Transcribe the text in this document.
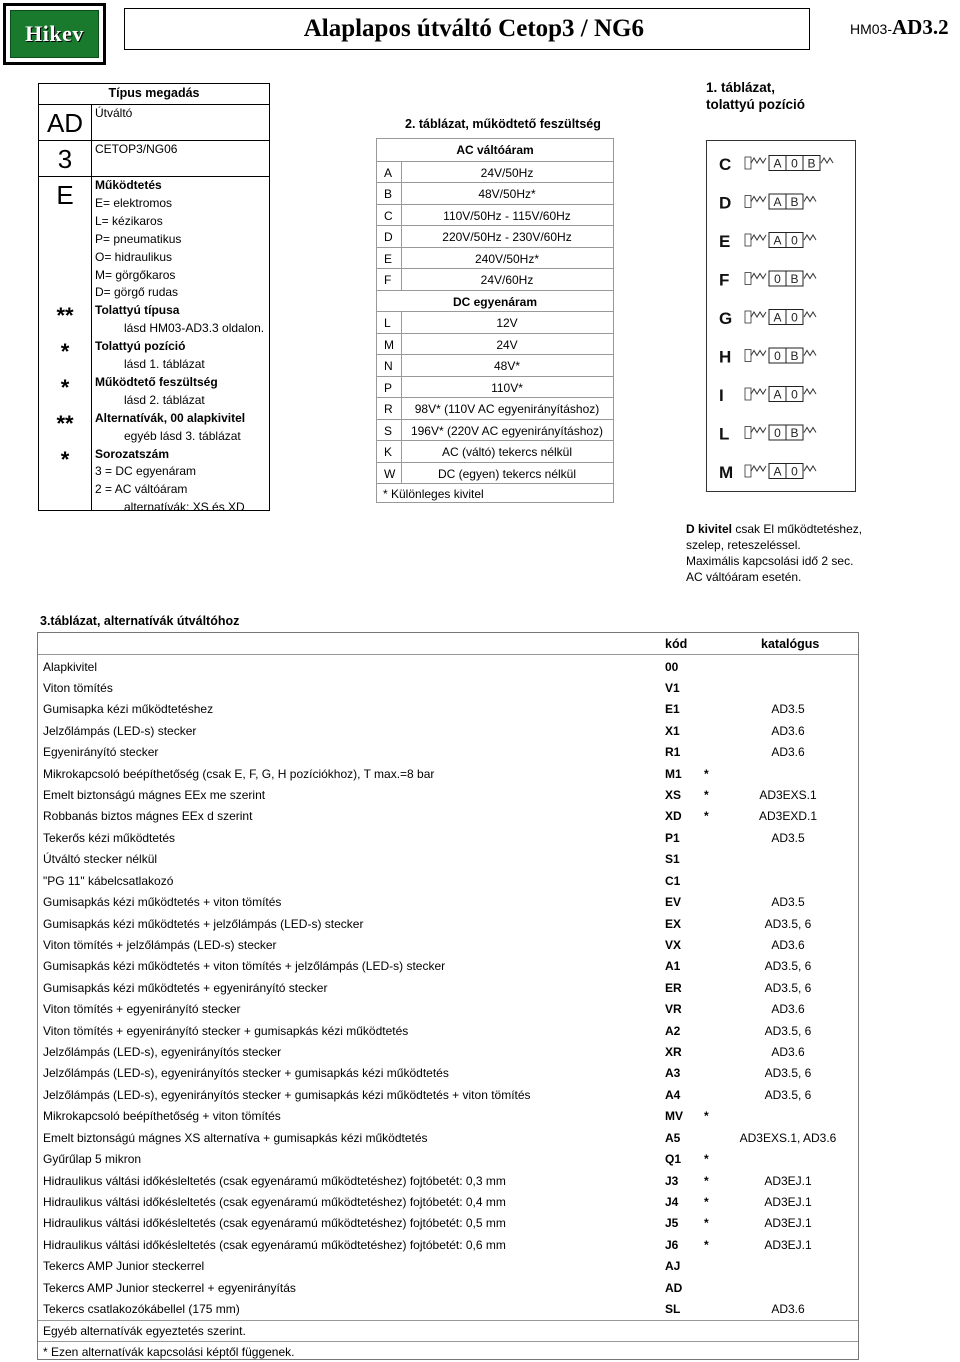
Hikev	Alaplapos útváltó Cetop3 / NG6	HM03-AD3.2
Típus megadás
AD Útváltó
3	CETOP3/NG06
E	Működtetés
E= elektromos
L= kézikaros
P= pneumatikus
O= hidraulikus
M= görgőkaros
D= görgő rudas
**	Tolattyú típusa
lásd HM03-AD3.3 oldalon.
*	Tolattyú pozíció
lásd 1. táblázat
*	Működtető feszültség
lásd 2. táblázat
**	Alternatívák, 00 alapkivitel
egyéb lásd 3. táblázat
*	Sorozatszám
3 = DC egyenáram
2 = AC váltóáram
alternatívák: XS és XD
2. táblázat, működtető feszültség
AC váltóáram
A	24V/50Hz
B	48V/50Hz*
C	110V/50Hz - 115V/60Hz
D	220V/50Hz - 230V/60Hz
E	240V/50Hz*
F	24V/60Hz
DC egyenáram
L	12V
M	24V
N	48V*
P	110V*
R	98V* (110V AC egyenirányításhoz)
S	196V* (220V AC egyenirányításhoz)
K	AC (váltó) tekercs nélkül
W	DC (egyen) tekercs nélkül
* Különleges kivitel
1. táblázat,
tolattyú pozíció
C	A 0 B
D	A B
E	A 0
F	0 B
G	A 0
H	0 B
I	A 0
L	0 B
M	A 0
D kivitel csak El működtetéshez,
szelep, reteszeléssel.
Maximális kapcsolási idő 2 sec.
AC váltóáram esetén.
3.táblázat, alternatívák útváltóhoz
kód	katalógus
Alapkivitel	00
Viton tömítés	V1
Gumisapka kézi működtetéshez	E1	AD3.5
Jelzőlámpás (LED-s) stecker	X1	AD3.6
Egyenirányító stecker	R1	AD3.6
Mikrokapcsoló beépíthetőség (csak E, F, G, H pozíciókhoz), T max.=8 bar	M1 *
Emelt biztonságú mágnes EEx me szerint	XS	*	AD3EXS.1
Robbanás biztos mágnes EEx d szerint	XD *	AD3EXD.1
Tekerős kézi működtetés	P1	AD3.5
Útváltó stecker nélkül	S1
"PG 11" kábelcsatlakozó	C1
Gumisapkás kézi működtetés + viton tömítés	EV	AD3.5
Gumisapkás kézi működtetés + jelzőlámpás (LED-s) stecker	EX	AD3.5, 6
Viton tömítés + jelzőlámpás (LED-s) stecker	VX	AD3.6
Gumisapkás kézi működtetés + viton tömítés + jelzőlámpás (LED-s) stecker	A1	AD3.5, 6
Gumisapkás kézi működtetés + egyenirányító stecker	ER	AD3.5, 6
Viton tömítés + egyenirányító stecker	VR	AD3.6
Viton tömítés + egyenirányító stecker + gumisapkás kézi működtetés	A2	AD3.5, 6
Jelzőlámpás (LED-s), egyenirányítós stecker	XR	AD3.6
Jelzőlámpás (LED-s), egyenirányítós stecker + gumisapkás kézi működtetés	A3	AD3.5, 6
Jelzőlámpás (LED-s), egyenirányítós stecker + gumisapkás kézi működtetés + viton tömítés	A4	AD3.5, 6
Mikrokapcsoló beépíthetőség + viton tömítés	MV *
Emelt biztonságú mágnes XS alternatíva + gumisapkás kézi működtetés	A5	AD3EXS.1, AD3.6
Gyűrűlap 5 mikron	Q1	*
Hidraulikus váltási időkésleltetés (csak egyenáramú működtetéshez) fojtóbetét: 0,3 mm	J3	*	AD3EJ.1
Hidraulikus váltási időkésleltetés (csak egyenáramú működtetéshez) fojtóbetét: 0,4 mm	J4	*	AD3EJ.1
Hidraulikus váltási időkésleltetés (csak egyenáramú működtetéshez) fojtóbetét: 0,5 mm	J5	*	AD3EJ.1
Hidraulikus váltási időkésleltetés (csak egyenáramú működtetéshez) fojtóbetét: 0,6 mm	J6	*	AD3EJ.1
Tekercs AMP Junior steckerrel	AJ
Tekercs AMP Junior steckerrel + egyenirányítás	AD
Tekercs csatlakozókábellel (175 mm)	SL	AD3.6
Egyéb alternatívák egyeztetés szerint.
* Ezen alternatívák kapcsolási képtől függenek.
